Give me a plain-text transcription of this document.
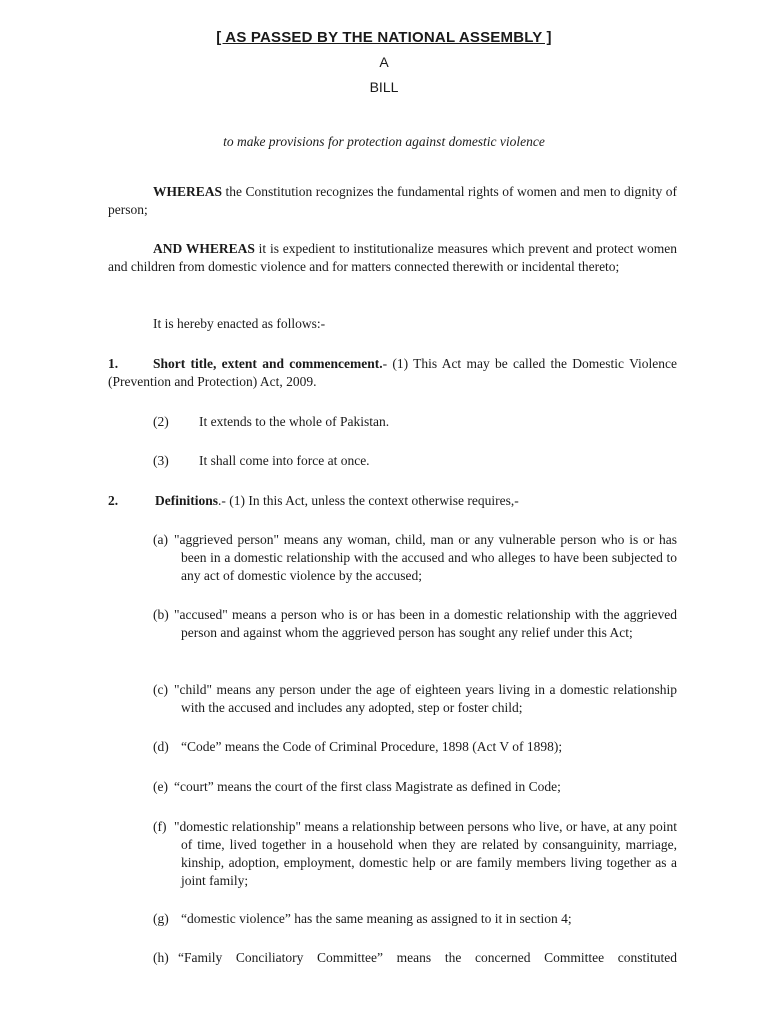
[ AS PASSED BY THE NATIONAL ASSEMBLY ]
A
BILL
to make provisions for protection against domestic violence
WHEREAS the Constitution recognizes the fundamental rights of women and men to dignity of person;
AND WHEREAS it is expedient to institutionalize measures which prevent and protect women and children from domestic violence and for matters connected therewith or incidental thereto;
It is hereby enacted as follows:-
1.	Short title, extent and commencement.- (1) This Act may be called the Domestic Violence (Prevention and Protection) Act, 2009.
(2) It extends to the whole of Pakistan.
(3) It shall come into force at once.
2.	Definitions.- (1) In this Act, unless the context otherwise requires,-
(a) "aggrieved person" means any woman, child, man or any vulnerable person who is or has been in a domestic relationship with the accused and who alleges to have been subjected to any act of domestic violence by the accused;
(b) "accused" means a person who is or has been in a domestic relationship with the aggrieved person and against whom the aggrieved person has sought any relief under this Act;
(c) "child" means any person under the age of eighteen years living in a domestic relationship with the accused and includes any adopted, step or foster child;
(d) “Code” means the Code of Criminal Procedure, 1898 (Act V of 1898);
(e) “court” means the court of the first class Magistrate as defined in Code;
(f) "domestic relationship" means a relationship between persons who live, or have, at any point of time, lived together in a household when they are related by consanguinity, marriage, kinship, adoption, employment, domestic help or are family members living together as a joint family;
(g) “domestic violence” has the same meaning as assigned to it in section 4;
(h) “Family Conciliatory Committee” means the concerned Committee constituted
